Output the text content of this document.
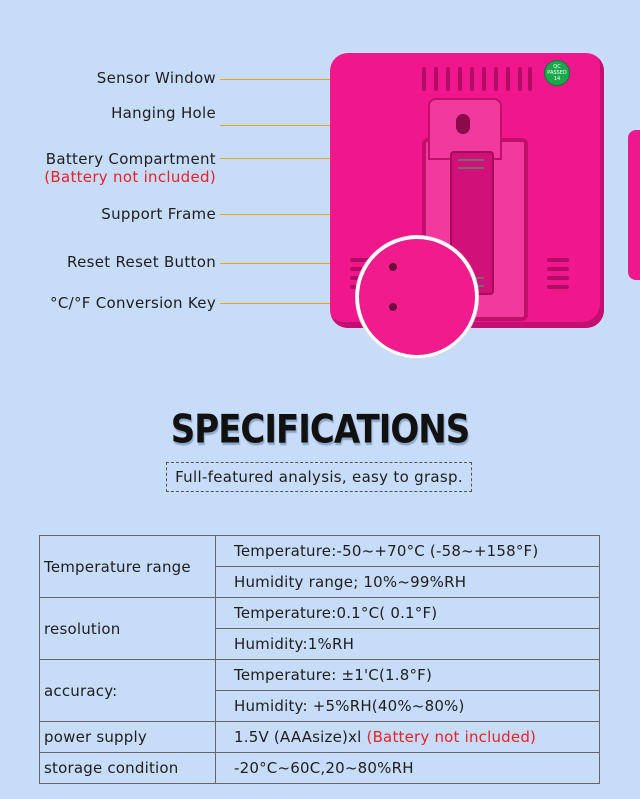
Sensor Window
Hanging Hole
Battery Compartment
(Battery not included)
Support Frame
Reset Reset Button
°C/°F Conversion Key
QC PASSED 14
SPECIFICATIONS
Full-featured analysis, easy to grasp.
Temperature range	Temperature:-50~+70°C (-58~+158°F)
	Humidity range; 10%~99%RH
resolution	Temperature:0.1°C( 0.1°F)
	Humidity:1%RH
accuracy:	Temperature: ±1'C(1.8°F)
	Humidity: +5%RH(40%~80%)
power supply	1.5V (AAAsize)xl (Battery not included)
storage condition	-20°C~60C,20~80%RH
